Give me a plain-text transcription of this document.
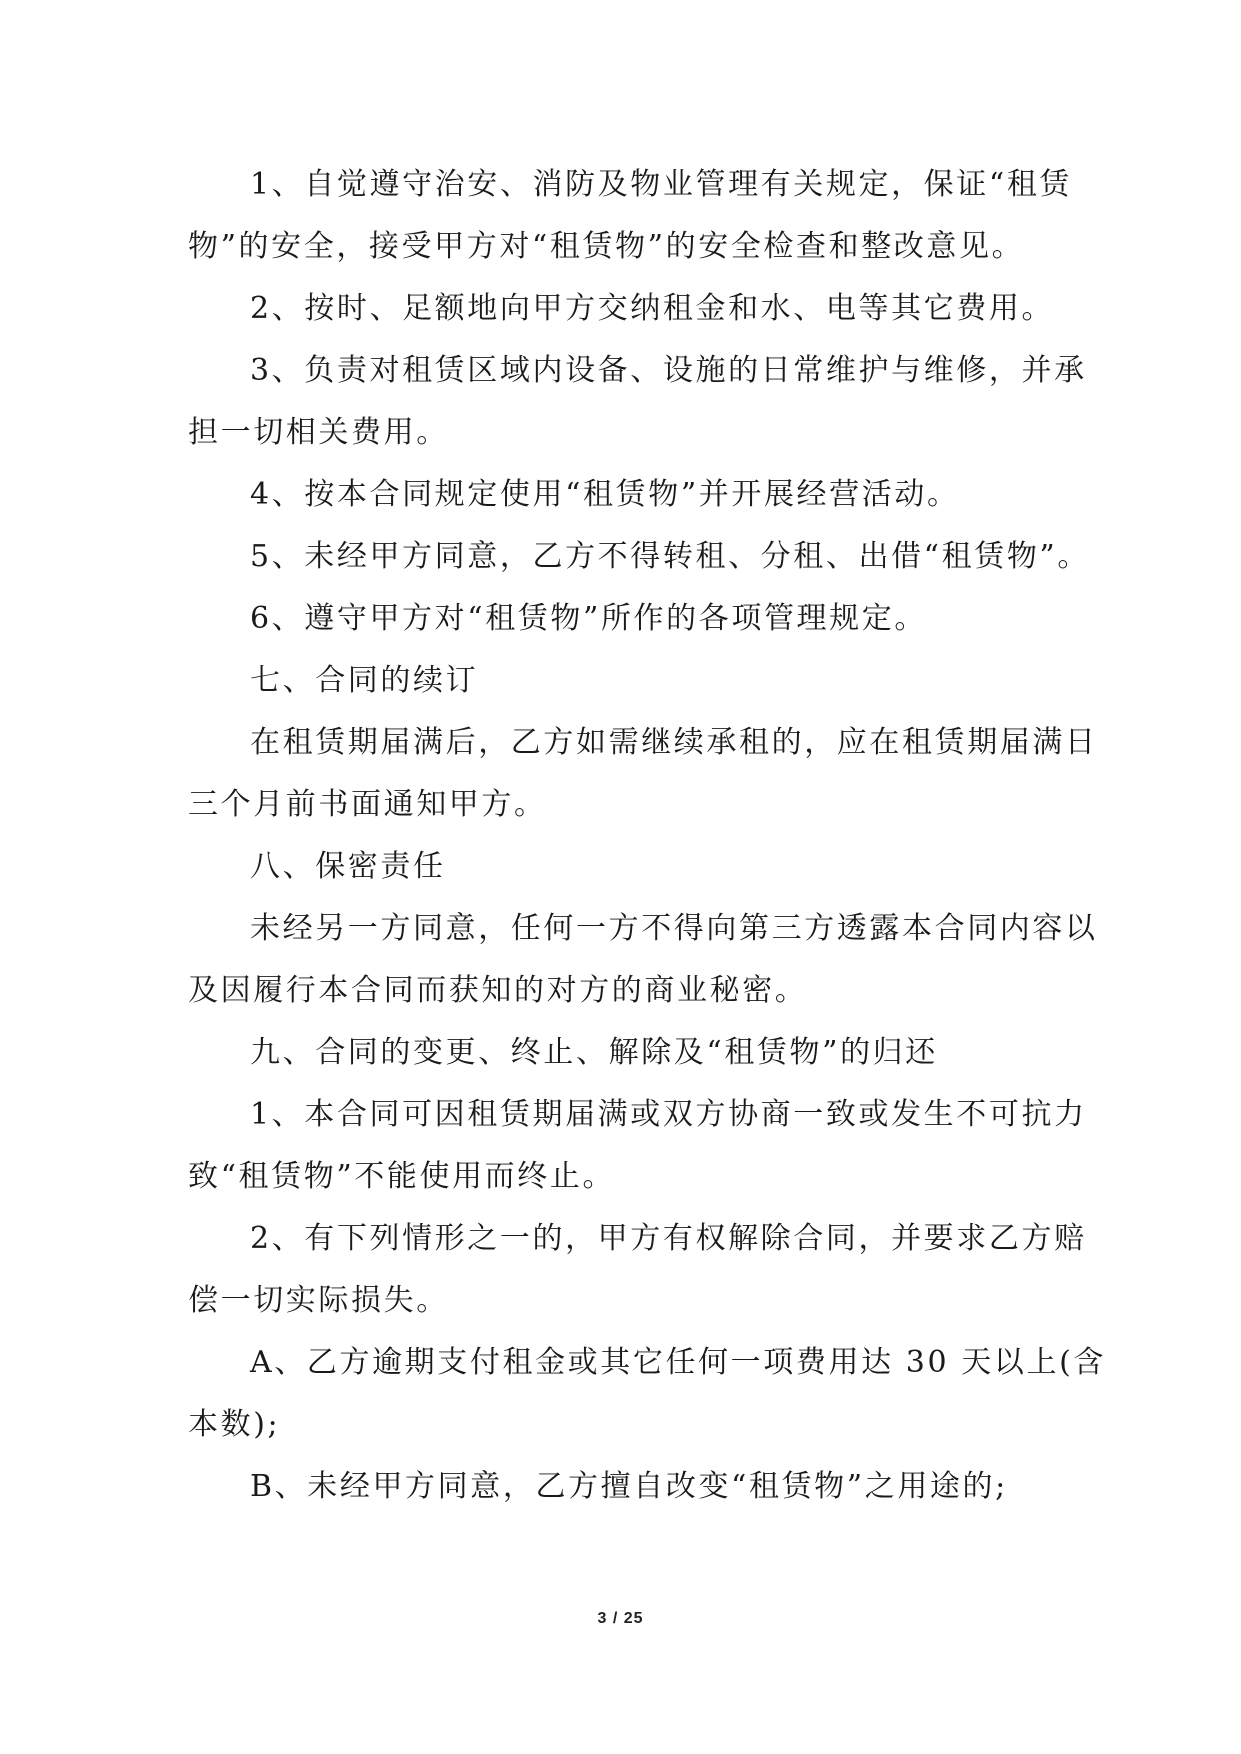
1、自觉遵守治安、消防及物业管理有关规定，保证“租赁

物”的安全，接受甲方对“租赁物”的安全检查和整改意见。

2、按时、足额地向甲方交纳租金和水、电等其它费用。

3、负责对租赁区域内设备、设施的日常维护与维修，并承

担一切相关费用。

4、按本合同规定使用“租赁物”并开展经营活动。

5、未经甲方同意，乙方不得转租、分租、出借“租赁物”。

6、遵守甲方对“租赁物”所作的各项管理规定。

七、合同的续订

在租赁期届满后，乙方如需继续承租的，应在租赁期届满日

三个月前书面通知甲方。

八、保密责任

未经另一方同意，任何一方不得向第三方透露本合同内容以

及因履行本合同而获知的对方的商业秘密。

九、合同的变更、终止、解除及“租赁物”的归还

1、本合同可因租赁期届满或双方协商一致或发生不可抗力

致“租赁物”不能使用而终止。

2、有下列情形之一的，甲方有权解除合同，并要求乙方赔

偿一切实际损失。

A、乙方逾期支付租金或其它任何一项费用达 30 天以上(含

本数);

B、未经甲方同意，乙方擅自改变“租赁物”之用途的;

3 / 25
